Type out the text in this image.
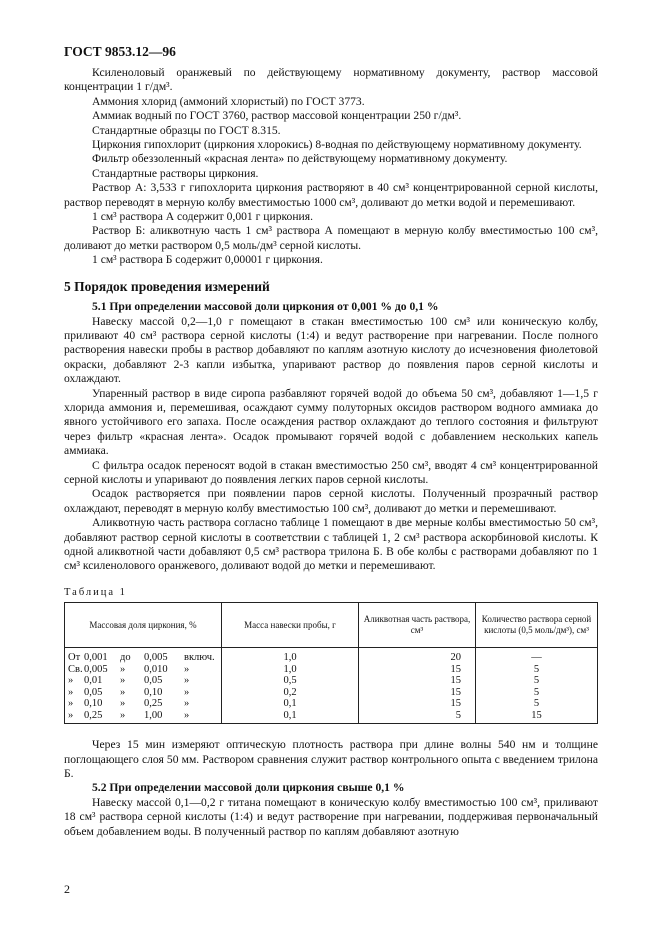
ГОСТ 9853.12—96

Ксиленоловый оранжевый по действующему нормативному документу, раствор массовой концентрации 1 г/дм³.

Аммония хлорид (аммоний хлористый) по ГОСТ 3773.

Аммиак водный по ГОСТ 3760, раствор массовой концентрации 250 г/дм³.

Стандартные образцы по ГОСТ 8.315.

Циркония гипохлорит (циркония хлорокись) 8-водная по действующему нормативному документу.

Фильтр обеззоленный «красная лента» по действующему нормативному документу.

Стандартные растворы циркония.

Раствор А: 3,533 г гипохлорита циркония растворяют в 40 см³ концентрированной серной кислоты, раствор переводят в мерную колбу вместимостью 1000 см³, доливают до метки водой и перемешивают.

1 см³ раствора А содержит 0,001 г циркония.

Раствор Б: аликвотную часть 1 см³ раствора А помещают в мерную колбу вместимостью 100 см³, доливают до метки раствором 0,5 моль/дм³ серной кислоты.

1 см³ раствора Б содержит 0,00001 г циркония.

5 Порядок проведения измерений

5.1 При определении массовой доли циркония от 0,001 % до 0,1 %

Навеску массой 0,2—1,0 г помещают в стакан вместимостью 100 см³ или коническую колбу, приливают 40 см³ раствора серной кислоты (1:4) и ведут растворение при нагревании. После полного растворения навески пробы в раствор добавляют по каплям азотную кислоту до исчезновения фиолетовой окраски, добавляют 2-3 капли избытка, упаривают раствор до появления паров серной кислоты и охлаждают.

Упаренный раствор в виде сиропа разбавляют горячей водой до объема 50 см³, добавляют 1—1,5 г хлорида аммония и, перемешивая, осаждают сумму полуторных оксидов раствором водного аммиака до явного устойчивого его запаха. После осаждения раствор охлаждают до теплого состояния и фильтруют через фильтр «красная лента». Осадок промывают горячей водой с добавлением нескольких капель аммиака.

С фильтра осадок переносят водой в стакан вместимостью 250 см³, вводят 4 см³ концентрированной серной кислоты и упаривают до появления легких паров серной кислоты.

Осадок растворяется при появлении паров серной кислоты. Полученный прозрачный раствор охлаждают, переводят в мерную колбу вместимостью 100 см³, доливают до метки и перемешивают.

Аликвотную часть раствора согласно таблице 1 помещают в две мерные колбы вместимостью 50 см³, добавляют раствор серной кислоты в соответствии с таблицей 1, 2 см³ раствора аскорбиновой кислоты. К одной аликвотной части добавляют 0,5 см³ раствора трилона Б. В обе колбы с растворами добавляют по 1 см³ ксиленолового оранжевого, доливают водой до метки и перемешивают.

Таблица 1
Массовая доля циркония, %	Масса навески пробы, г	Аликвотная часть раствора, см³	Количество раствора серной кислоты (0,5 моль/дм³), см³

От 0,001 до 0,005 включ.	1,0	20	—

Св. 0,005 » 0,010 »	1,0	15	5

» 0,01 » 0,05 »	0,5	15	5

» 0,05 » 0,10 »	0,2	15	5

» 0,10 » 0,25 »	0,1	15	5

» 0,25 » 1,00 »	0,1	5	15

Через 15 мин измеряют оптическую плотность раствора при длине волны 540 нм и толщине поглощающего слоя 50 мм. Раствором сравнения служит раствор контрольного опыта с введением трилона Б.

5.2 При определении массовой доли циркония свыше 0,1 %

Навеску массой 0,1—0,2 г титана помещают в коническую колбу вместимостью 100 см³, приливают 18 см³ раствора серной кислоты (1:4) и ведут растворение при нагревании, поддерживая первоначальный объем добавлением воды. В полученный раствор по каплям добавляют азотную

2
